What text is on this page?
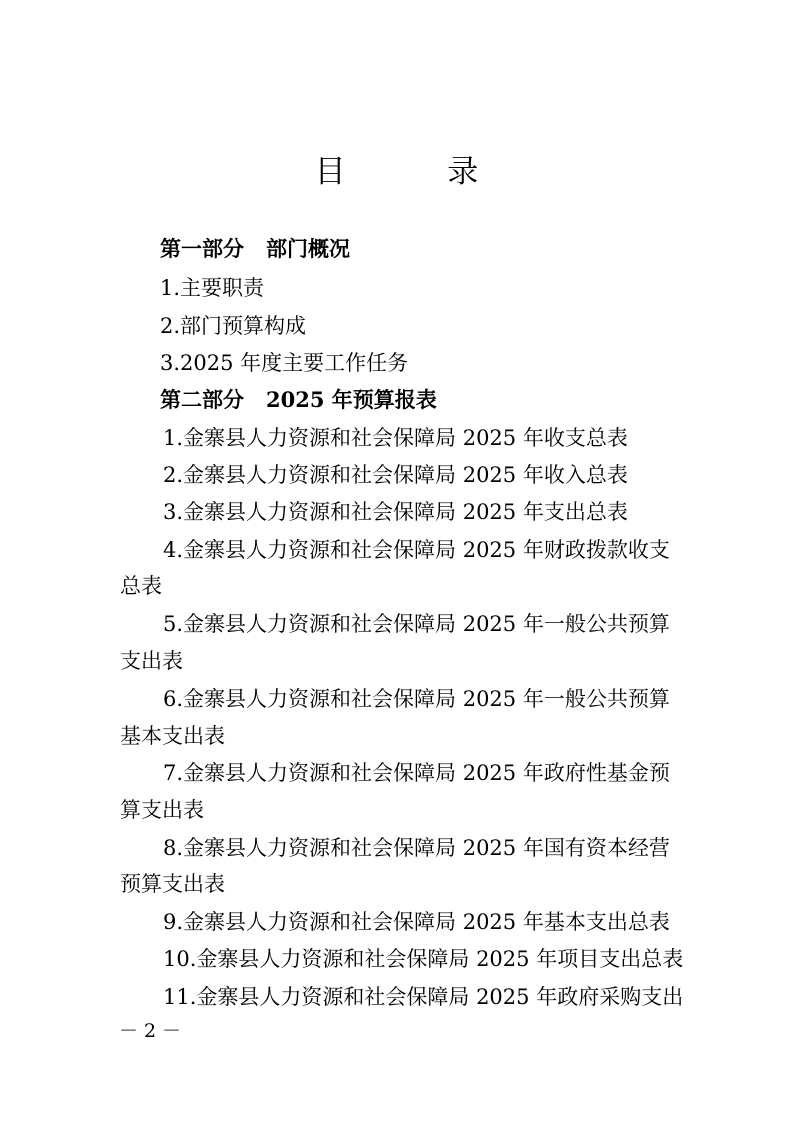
目 录
第一部分 部门概况
1.主要职责
2.部门预算构成
3.2025 年度主要工作任务
第二部分 2025 年预算报表
1.金寨县人力资源和社会保障局 2025 年收支总表
2.金寨县人力资源和社会保障局 2025 年收入总表
3.金寨县人力资源和社会保障局 2025 年支出总表
4.金寨县人力资源和社会保障局 2025 年财政拨款收支
总表
5.金寨县人力资源和社会保障局 2025 年一般公共预算
支出表
6.金寨县人力资源和社会保障局 2025 年一般公共预算
基本支出表
7.金寨县人力资源和社会保障局 2025 年政府性基金预
算支出表
8.金寨县人力资源和社会保障局 2025 年国有资本经营
预算支出表
9.金寨县人力资源和社会保障局 2025 年基本支出总表
10.金寨县人力资源和社会保障局 2025 年项目支出总表
11.金寨县人力资源和社会保障局 2025 年政府采购支出
－ 2 －
